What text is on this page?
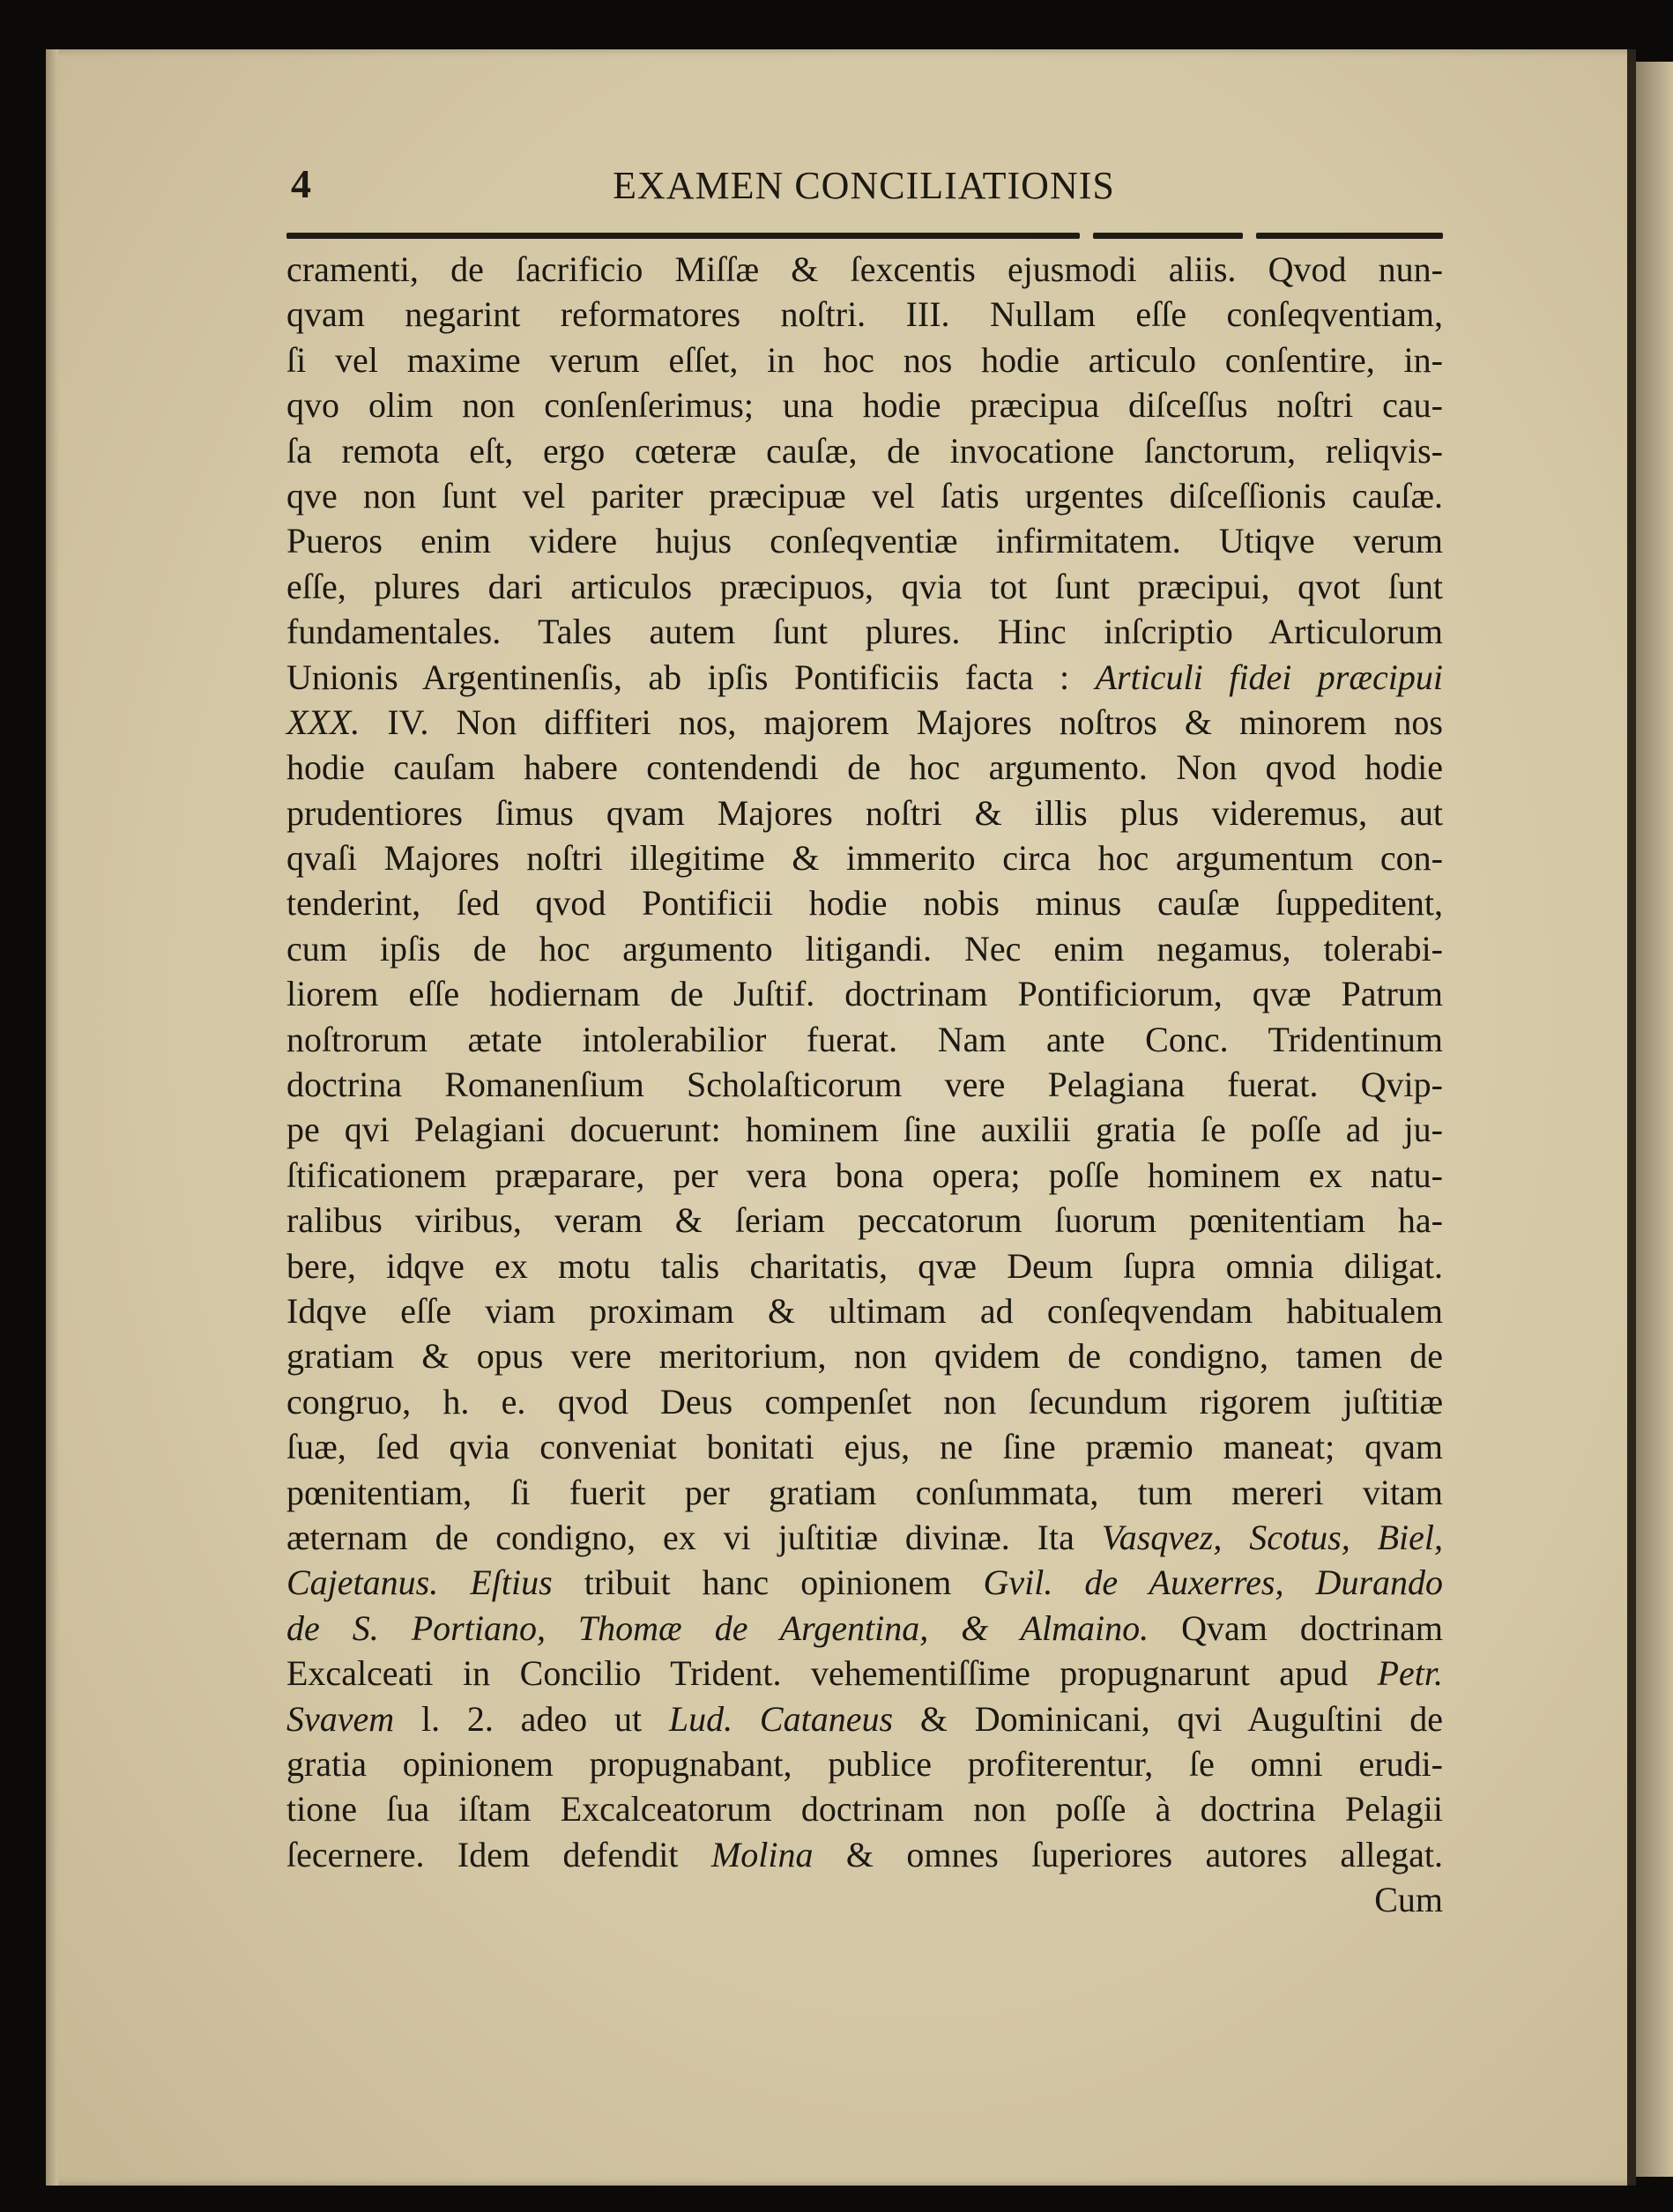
4	EXAMEN CONCILIATIONIS
cramenti, de ſacrificio Miſſæ & ſexcentis ejusmodi aliis. Qvod nun-
qvam negarint reformatores noſtri. III. Nullam eſſe conſeqventiam,
ſi vel maxime verum eſſet, in hoc nos hodie articulo conſentire, in-
qvo olim non conſenſerimus; una hodie præcipua diſceſſus noſtri cau-
ſa remota eſt, ergo cœteræ cauſæ, de invocatione ſanctorum, reliqvis-
qve non ſunt vel pariter præcipuæ vel ſatis urgentes diſceſſionis cauſæ.
Pueros enim videre hujus conſeqventiæ infirmitatem. Utiqve verum
eſſe, plures dari articulos præcipuos, qvia tot ſunt præcipui, qvot ſunt
fundamentales. Tales autem ſunt plures. Hinc inſcriptio Articulorum
Unionis Argentinenſis, ab ipſis Pontificiis facta : Articuli fidei præcipui
XXX. IV. Non diffiteri nos, majorem Majores noſtros & minorem nos
hodie cauſam habere contendendi de hoc argumento. Non qvod hodie
prudentiores ſimus qvam Majores noſtri & illis plus videremus, aut
qvaſi Majores noſtri illegitime & immerito circa hoc argumentum con-
tenderint, ſed qvod Pontificii hodie nobis minus cauſæ ſuppeditent,
cum ipſis de hoc argumento litigandi. Nec enim negamus, tolerabi-
liorem eſſe hodiernam de Juſtif. doctrinam Pontificiorum, qvæ Patrum
noſtrorum ætate intolerabilior fuerat. Nam ante Conc. Tridentinum
doctrina Romanenſium Scholaſticorum vere Pelagiana fuerat. Qvip-
pe qvi Pelagiani docuerunt: hominem ſine auxilii gratia ſe poſſe ad ju-
ſtificationem præparare, per vera bona opera; poſſe hominem ex natu-
ralibus viribus, veram & ſeriam peccatorum ſuorum pœnitentiam ha-
bere, idqve ex motu talis charitatis, qvæ Deum ſupra omnia diligat.
Idqve eſſe viam proximam & ultimam ad conſeqvendam habitualem
gratiam & opus vere meritorium, non qvidem de condigno, tamen de
congruo, h. e. qvod Deus compenſet non ſecundum rigorem juſtitiæ
ſuæ, ſed qvia conveniat bonitati ejus, ne ſine præmio maneat; qvam
pœnitentiam, ſi fuerit per gratiam conſummata, tum mereri vitam
æternam de condigno, ex vi juſtitiæ divinæ. Ita Vasqvez, Scotus, Biel,
Cajetanus. Eſtius tribuit hanc opinionem Gvil. de Auxerres, Durando
de S. Portiano, Thomæ de Argentina, & Almaino. Qvam doctrinam
Excalceati in Concilio Trident. vehementiſſime propugnarunt apud Petr.
Svavem l. 2. adeo ut Lud. Cataneus & Dominicani, qvi Auguſtini de
gratia opinionem propugnabant, publice profiterentur, ſe omni erudi-
tione ſua iſtam Excalceatorum doctrinam non poſſe à doctrina Pelagii
ſecernere. Idem defendit Molina & omnes ſuperiores autores allegat.
Cum
